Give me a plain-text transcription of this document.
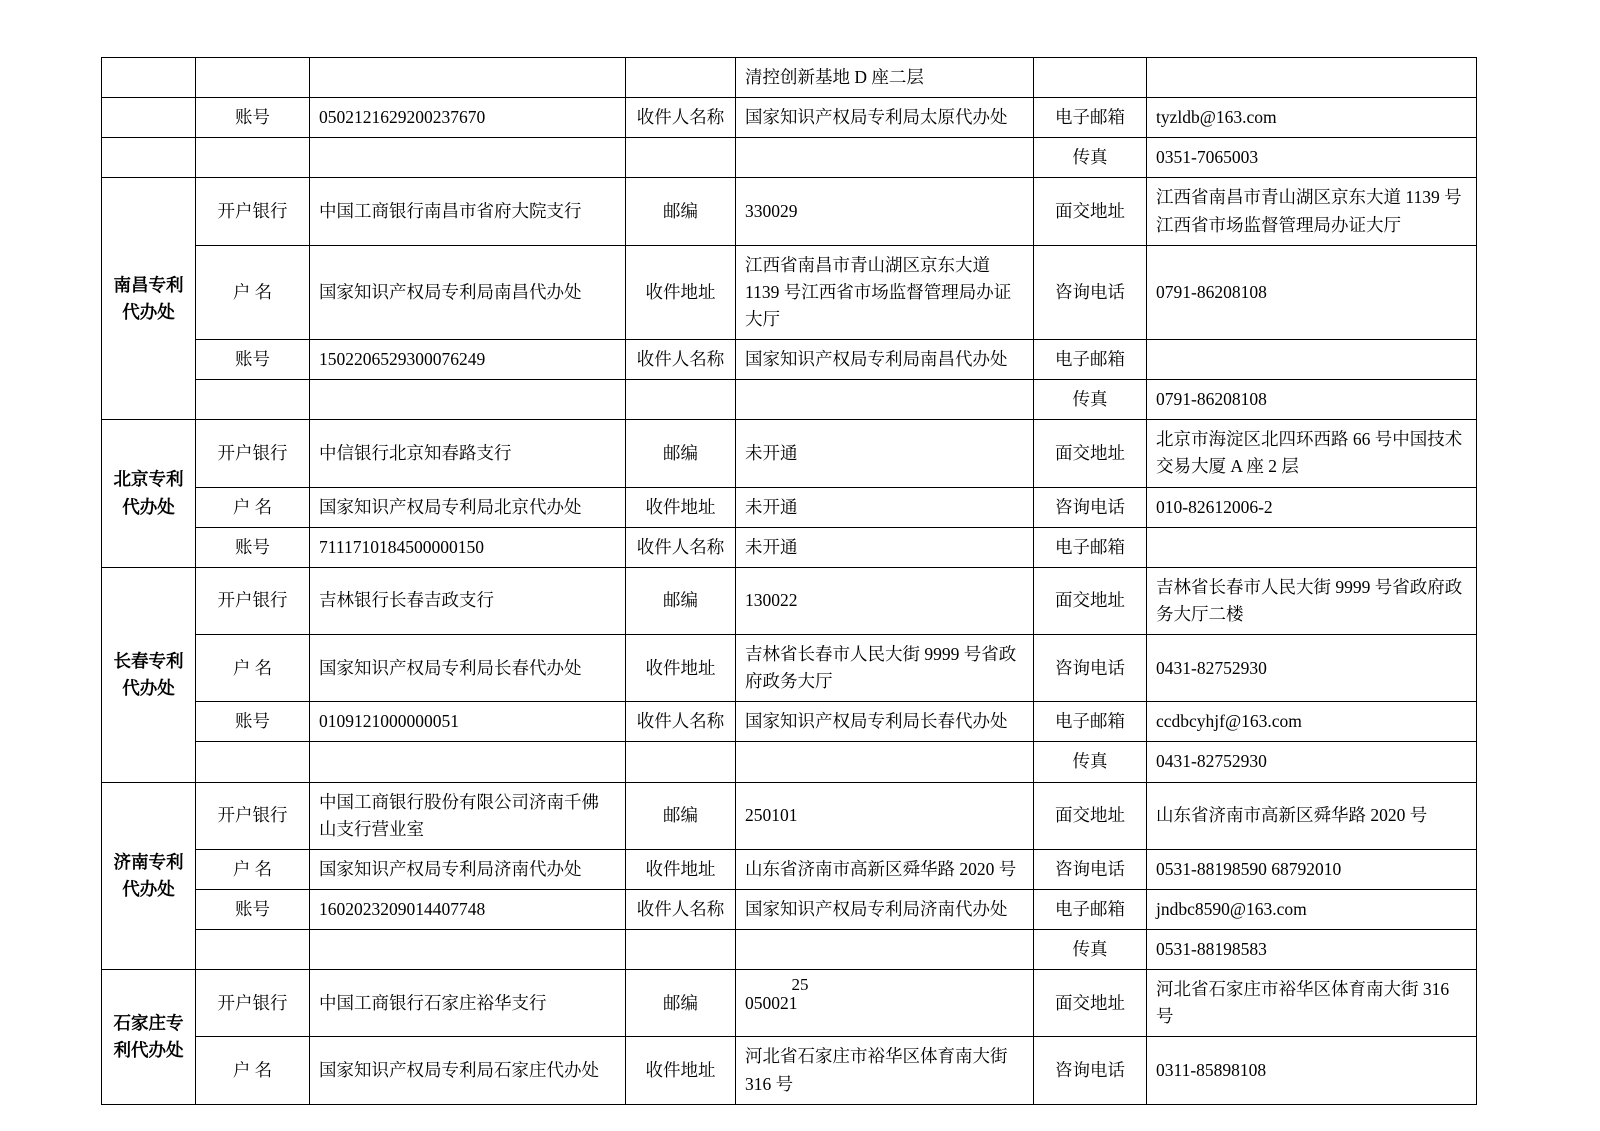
				清控创新基地 D 座二层		
	账号	0502121629200237670	收件人名称	国家知识产权局专利局太原代办处	电子邮箱	tyzldb@163.com
					传真	0351-7065003
南昌专利代办处	开户银行	中国工商银行南昌市省府大院支行	邮编	330029	面交地址	江西省南昌市青山湖区京东大道 1139 号江西省市场监督管理局办证大厅
	户 名	国家知识产权局专利局南昌代办处	收件地址	江西省南昌市青山湖区京东大道 1139 号江西省市场监督管理局办证大厅	咨询电话	0791-86208108
	账号	1502206529300076249	收件人名称	国家知识产权局专利局南昌代办处	电子邮箱	
					传真	0791-86208108
北京专利代办处	开户银行	中信银行北京知春路支行	邮编	未开通	面交地址	北京市海淀区北四环西路 66 号中国技术交易大厦 A 座 2 层
	户 名	国家知识产权局专利局北京代办处	收件地址	未开通	咨询电话	010-82612006-2
	账号	7111710184500000150	收件人名称	未开通	电子邮箱	
长春专利代办处	开户银行	吉林银行长春吉政支行	邮编	130022	面交地址	吉林省长春市人民大街 9999 号省政府政务大厅二楼
	户 名	国家知识产权局专利局长春代办处	收件地址	吉林省长春市人民大街 9999 号省政府政务大厅	咨询电话	0431-82752930
	账号	0109121000000051	收件人名称	国家知识产权局专利局长春代办处	电子邮箱	ccdbcyhjf@163.com
					传真	0431-82752930
济南专利代办处	开户银行	中国工商银行股份有限公司济南千佛山支行营业室	邮编	250101	面交地址	山东省济南市高新区舜华路 2020 号
	户 名	国家知识产权局专利局济南代办处	收件地址	山东省济南市高新区舜华路 2020 号	咨询电话	0531-88198590 68792010
	账号	1602023209014407748	收件人名称	国家知识产权局专利局济南代办处	电子邮箱	jndbc8590@163.com
					传真	0531-88198583
石家庄专利代办处	开户银行	中国工商银行石家庄裕华支行	邮编	050021	面交地址	河北省石家庄市裕华区体育南大街 316 号
	户 名	国家知识产权局专利局石家庄代办处	收件地址	河北省石家庄市裕华区体育南大街 316 号	咨询电话	0311-85898108
25
